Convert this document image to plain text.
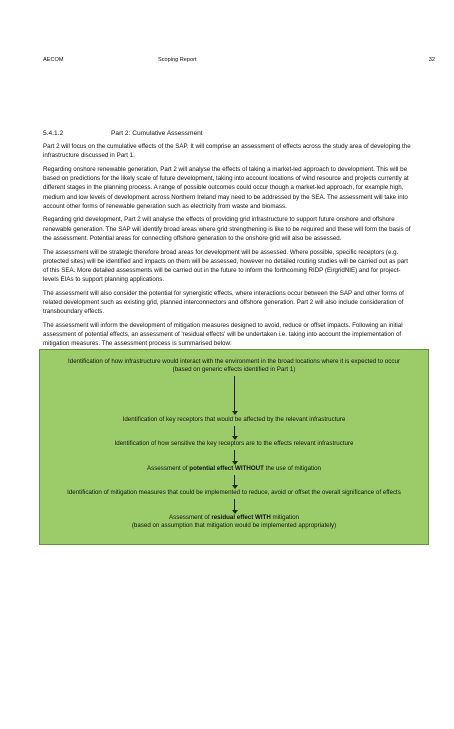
AECOM	Scoping Report	32
5.4.1.2	Part 2: Cumulative Assessment

Part 2 will focus on the cumulative effects of the SAP. It will comprise an assessment of effects across the study area of developing the infrastructure discussed in Part 1.

Regarding onshore renewable generation, Part 2 will analyse the effects of taking a market-led approach to development. This will be based on predictions for the likely scale of future development, taking into account locations of wind resource and projects currently at different stages in the planning process. A range of possible outcomes could occur though a market-led approach, for example high, medium and low levels of development across Northern Ireland may need to be addressed by the SEA. The assessment will take into account other forms of renewable generation such as electricity from waste and biomass.

Regarding grid development, Part 2 will analyse the effects of providing grid infrastructure to support future onshore and offshore renewable generation. The SAP will identify broad areas where grid strengthening is like to be required and these will form the basis of the assessment. Potential areas for connecting offshore generation to the onshore grid will also be assessed.

The assessment will be strategic therefore broad areas for development will be assessed. Where possible, specific receptors (e.g. protected sites) will be identified and impacts on them will be assessed, however no detailed routing studies will be carried out as part of this SEA. More detailed assessments will be carried out in the future to inform the forthcoming RIDP (EirgridNIE) and for project-levels EIAs to support planning applications.

The assessment will also consider the potential for synergistic effects, where interactions occur between the SAP and other forms of related development such as existing grid, planned interconnectors and offshore generation. Part 2 will also include consideration of transboundary effects.

The assessment will inform the development of mitigation measures designed to avoid, reduce or offset impacts. Following an initial assessment of potential effects, an assessment of 'residual effects' will be undertaken i.e. taking into account the implementation of mitigation measures. The assessment process is summarised below:

Identification of how infrastructure would interact with the environment in the broad locations where it is expected to occur
(based on generic effects identified in Part 1)
Identification of key receptors that would be affected by the relevant infrastructure
Identification of how sensitive the key receptors are to the effects relevant infrastructure
Assessment of potential effect WITHOUT the use of mitigation
Identification of mitigation measures that could be implemented to reduce, avoid or offset the overall significance of effects
Assessment of residual effect WITH mitigation
(based on assumption that mitigation would be implemented appropriately)
